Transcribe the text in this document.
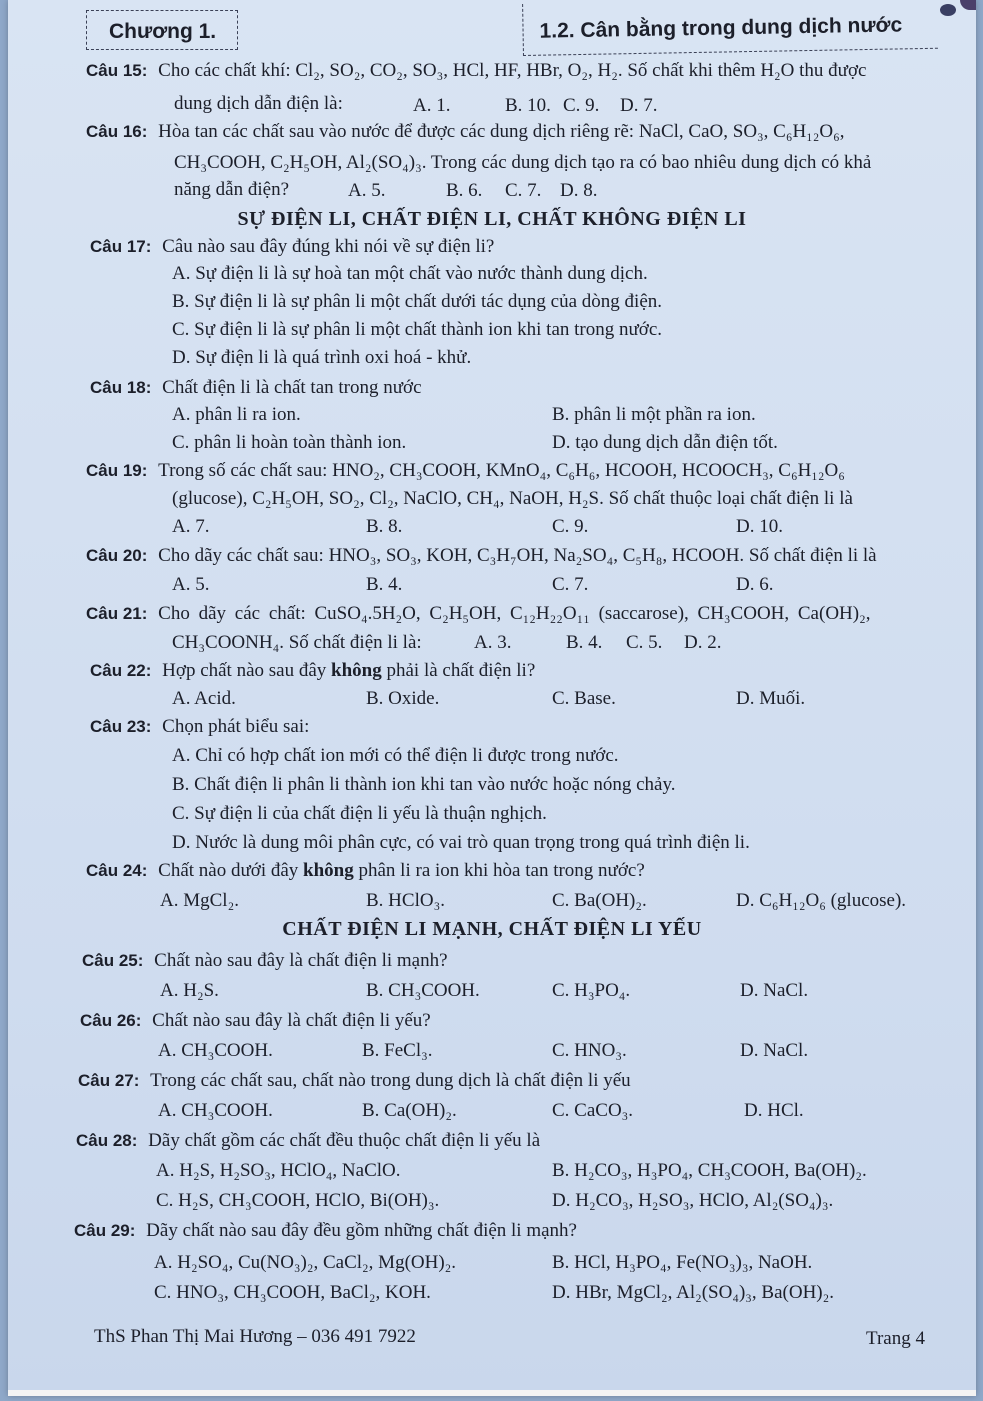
Chương 1.	1.2. Cân bằng trong dung dịch nước
Câu 15: Cho các chất khí: Cl₂, SO₂, CO₂, SO₃, HCl, HF, HBr, O₂, H₂. Số chất khi thêm H₂O thu được
dung dịch dẫn điện là:	A. 1.	B. 10. C. 9. D. 7.
Câu 16: Hòa tan các chất sau vào nước để được các dung dịch riêng rẽ: NaCl, CaO, SO₃, C₆H₁₂O₆,
CH₃COOH, C₂H₅OH, Al₂(SO₄)₃. Trong các dung dịch tạo ra có bao nhiêu dung dịch có khả
năng dẫn điện?	A. 5.	B. 6. C. 7. D. 8.
SỰ ĐIỆN LI, CHẤT ĐIỆN LI, CHẤT KHÔNG ĐIỆN LI
Câu 17: Câu nào sau đây đúng khi nói về sự điện li?
A. Sự điện li là sự hoà tan một chất vào nước thành dung dịch.
B. Sự điện li là sự phân li một chất dưới tác dụng của dòng điện.
C. Sự điện li là sự phân li một chất thành ion khi tan trong nước.
D. Sự điện li là quá trình oxi hoá - khử.
Câu 18: Chất điện li là chất tan trong nước
A. phân li ra ion.	B. phân li một phần ra ion.
C. phân li hoàn toàn thành ion.	D. tạo dung dịch dẫn điện tốt.
Câu 19: Trong số các chất sau: HNO₂, CH₃COOH, KMnO₄, C₆H₆, HCOOH, HCOOCH₃, C₆H₁₂O₆
(glucose), C₂H₅OH, SO₂, Cl₂, NaClO, CH₄, NaOH, H₂S. Số chất thuộc loại chất điện li là
A. 7.	B. 8.	C. 9.	D. 10.
Câu 20: Cho dãy các chất sau: HNO₃, SO₃, KOH, C₃H₇OH, Na₂SO₄, C₅H₈, HCOOH. Số chất điện li là
A. 5.	B. 4.	C. 7.	D. 6.
Câu 21: Cho dãy các chất: CuSO₄.5H₂O, C₂H₅OH, C₁₂H₂₂O₁₁ (saccarose), CH₃COOH, Ca(OH)₂,
CH₃COONH₄. Số chất điện li là:	A. 3.	B. 4. C. 5. D. 2.
Câu 22: Hợp chất nào sau đây không phải là chất điện li?
A. Acid.	B. Oxide.	C. Base.	D. Muối.
Câu 23: Chọn phát biểu sai:
A. Chỉ có hợp chất ion mới có thể điện li được trong nước.
B. Chất điện li phân li thành ion khi tan vào nước hoặc nóng chảy.
C. Sự điện li của chất điện li yếu là thuận nghịch.
D. Nước là dung môi phân cực, có vai trò quan trọng trong quá trình điện li.
Câu 24: Chất nào dưới đây không phân li ra ion khi hòa tan trong nước?
A. MgCl₂.	B. HClO₃.	C. Ba(OH)₂.	D. C₆H₁₂O₆ (glucose).
CHẤT ĐIỆN LI MẠNH, CHẤT ĐIỆN LI YẾU
Câu 25: Chất nào sau đây là chất điện li mạnh?
A. H₂S.	B. CH₃COOH.	C. H₃PO₄.	D. NaCl.
Câu 26: Chất nào sau đây là chất điện li yếu?
A. CH₃COOH.	B. FeCl₃.	C. HNO₃.	D. NaCl.
Câu 27: Trong các chất sau, chất nào trong dung dịch là chất điện li yếu
A. CH₃COOH.	B. Ca(OH)₂.	C. CaCO₃.	D. HCl.
Câu 28: Dãy chất gồm các chất đều thuộc chất điện li yếu là
A. H₂S, H₂SO₃, HClO₄, NaClO.	B. H₂CO₃, H₃PO₄, CH₃COOH, Ba(OH)₂.
C. H₂S, CH₃COOH, HClO, Bi(OH)₃.	D. H₂CO₃, H₂SO₃, HClO, Al₂(SO₄)₃.
Câu 29: Dãy chất nào sau đây đều gồm những chất điện li mạnh?
A. H₂SO₄, Cu(NO₃)₂, CaCl₂, Mg(OH)₂.	B. HCl, H₃PO₄, Fe(NO₃)₃, NaOH.
C. HNO₃, CH₃COOH, BaCl₂, KOH.	D. HBr, MgCl₂, Al₂(SO₄)₃, Ba(OH)₂.
ThS Phan Thị Mai Hương – 036 491 7922	Trang 4
